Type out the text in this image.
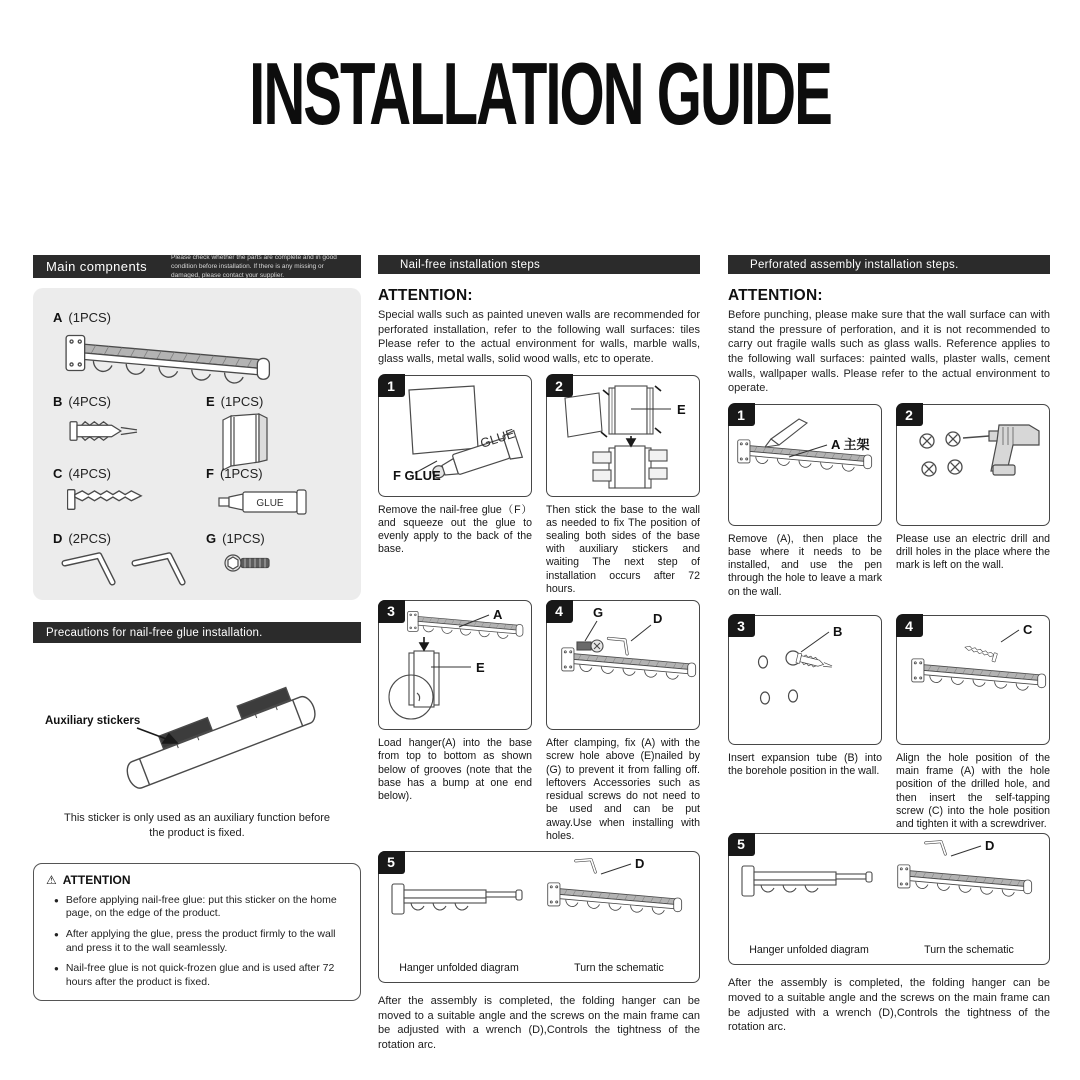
INSTALLATION GUIDE
Main compnents
Please check whether the parts are complete and in good condition before installation. If there is any missing or damaged, please contact your supplier.
A (1PCS)
B (4PCS)	E (1PCS)
C (4PCS)	F (1PCS)
GLUE
D (2PCS)	G (1PCS)
Precautions for nail-free glue installation.
Auxiliary stickers
This sticker is only used as an auxiliary function before the product is fixed.
⚠ ATTENTION
● Before applying nail-free glue: put this sticker on the home page, on the edge of the product.
● After applying the glue, press the product firmly to the wall and press it to the wall seamlessly.
● Nail-free glue is not quick-frozen glue and is used after 72 hours after the product is fixed.
Nail-free installation steps
ATTENTION:
Special walls such as painted uneven walls are recommended for perforated installation, refer to the following wall surfaces: tiles Please refer to the actual environment for walls, marble walls, glass walls, metal walls, solid wood walls, etc to operate.
1
GLUE
F GLUE
Remove the nail-free glue（F）and squeeze out the glue to evenly apply to the back of the base.
2
E
Then stick the base to the wall as needed to fix The position of sealing both sides of the base with auxiliary stickers and waiting The next step of installation occurs after 72 hours.
3	A
E
Load hanger(A) into the base from top to bottom as shown below of grooves (note that the base has a bump at one end below).
4	G	D
After clamping, fix (A) with the screw hole above (E)nailed by (G) to prevent it from falling off. leftovers Accessories such as residual screws do not need to be used and can be put away.Use when installing with holes.
5	D
Hanger unfolded diagram	Turn the schematic
After the assembly is completed, the folding hanger can be moved to a suitable angle and the screws on the main frame can be adjusted with a wrench (D),Controls the tightness of the rotation arc.
Perforated assembly installation steps.
ATTENTION:
Before punching, please make sure that the wall surface can with stand the pressure of perforation, and it is not recommended to carry out fragile walls such as glass walls. Reference applies to the following wall surfaces: painted walls, plaster walls, cement walls, wallpaper walls. Please refer to the actual environment to operate.
1
A 主架
Remove (A), then place the base where it needs to be installed, and use the pen through the hole to leave a mark on the wall.
2
Please use an electric drill and drill holes in the place where the mark is left on the wall.
3	B
Insert expansion tube (B) into the borehole position in the wall.
4	C
Align the hole position of the main frame (A) with the hole position of the drilled hole, and then insert the self-tapping screw (C) into the hole position and tighten it with a screwdriver.
5	D
Hanger unfolded diagram	Turn the schematic
After the assembly is completed, the folding hanger can be moved to a suitable angle and the screws on the main frame can be adjusted with a wrench (D),Controls the tightness of the rotation arc.
